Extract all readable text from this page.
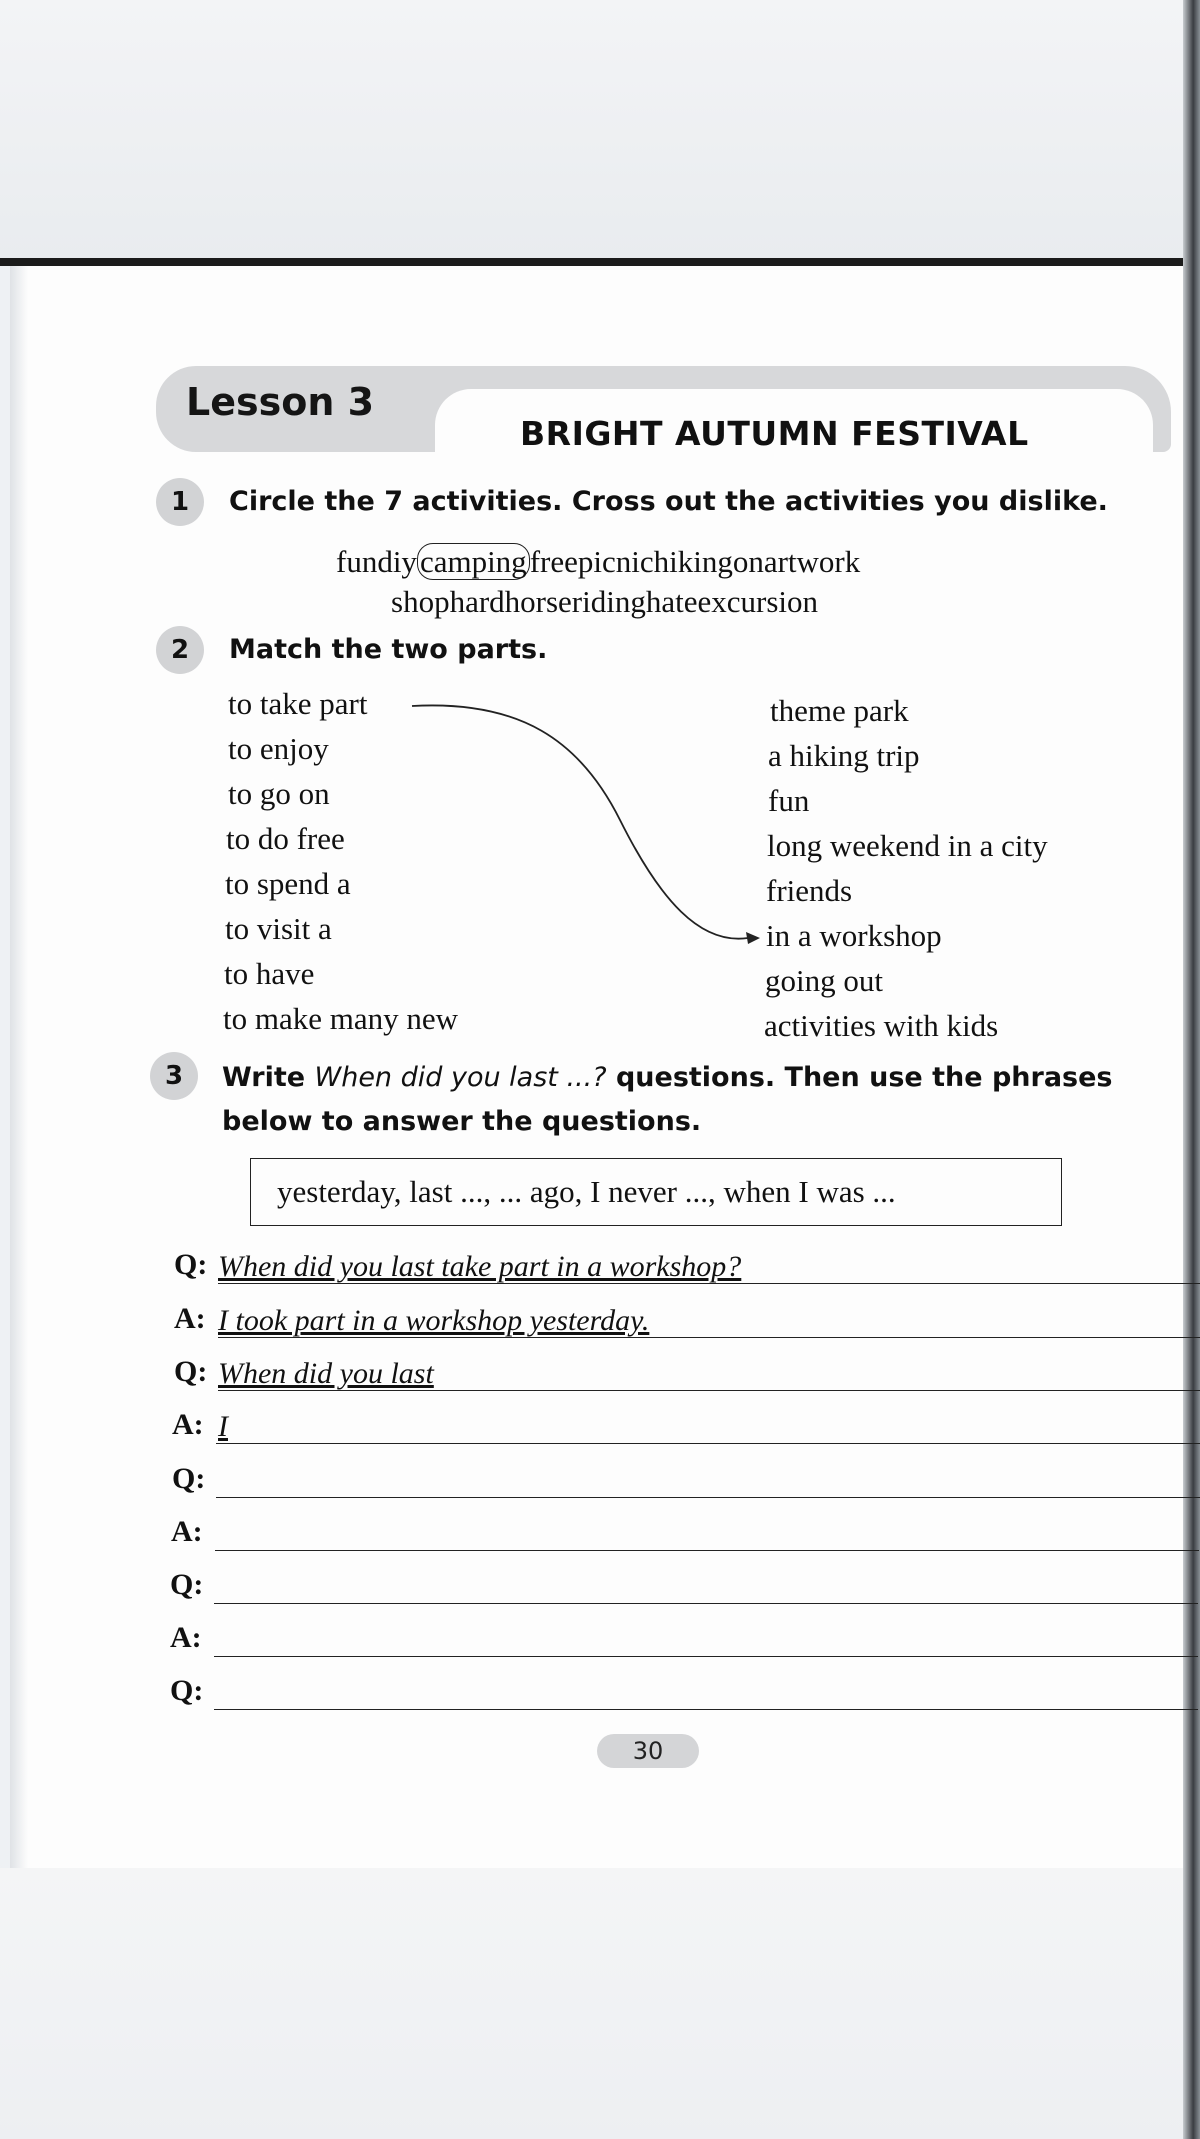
Lesson 3
BRIGHT AUTUMN FESTIVAL
1	Circle the 7 activities. Cross out the activities you dislike.
fundiycampingfreepicnichikingonartwork
shophardhorseridinghateexcursion
2	Match the two parts.
to take part
to enjoy
to go on
to do free
to spend a
to visit a
to have
to make many new
theme park
a hiking trip
fun
long weekend in a city
friends
in a workshop
going out
activities with kids
3	Write When did you last ...? questions. Then use the phrases
below to answer the questions.
yesterday, last ..., ... ago, I never ..., when I was ...
Q: When did you last take part in a workshop?
A: I took part in a workshop yesterday.
Q: When did you last
A: I
Q:
A:
Q:
A:
Q:
30
